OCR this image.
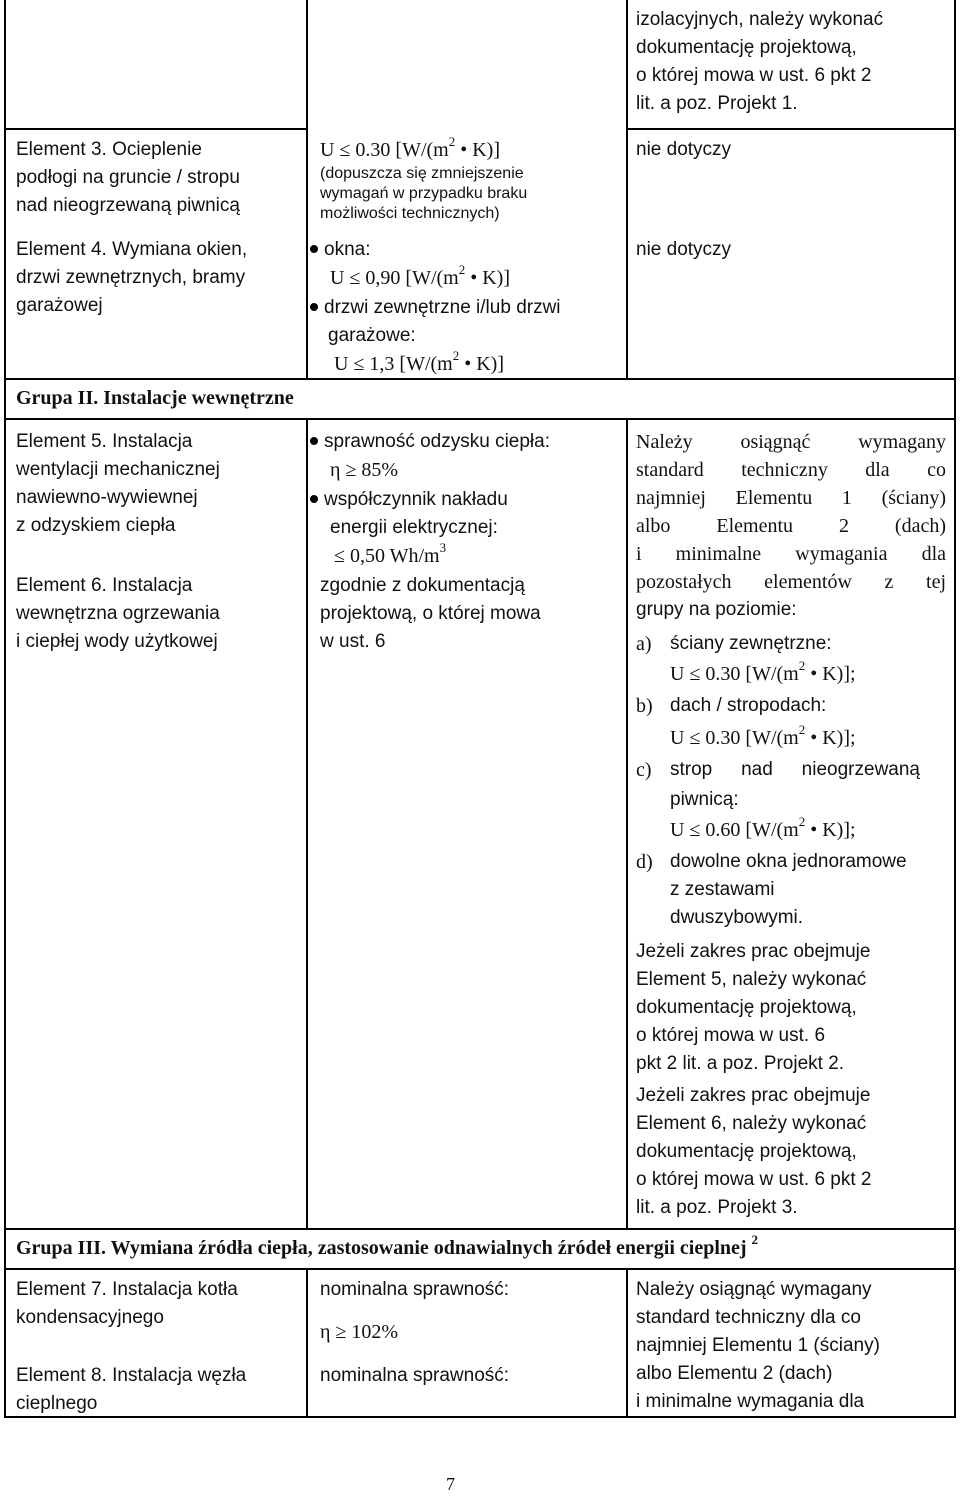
izolacyjnych, należy wykonać
dokumentację projektową,
o której mowa w ust. 6 pkt 2
lit. a poz. Projekt 1.
Element 3. Ocieplenie
podłogi na gruncie / stropu
nad nieogrzewaną piwnicą
U ≤ 0.30 [$W/(m^2$ • K)]
(dopuszcza się zmniejszenie
wymagań w przypadku braku
możliwości technicznych)
nie dotyczy
Element 4. Wymiana okien,
drzwi zewnętrznych, bramy
garażowej
okna:
U ≤ 0,90 [$W/(m^2$ • K)]
drzwi zewnętrzne i/lub drzwi
garażowe:
U ≤ 1,3 [$W/(m^2$ • K)]
nie dotyczy
Grupa II. Instalacje wewnętrzne
Element 5. Instalacja
wentylacji mechanicznej
nawiewno-wywiewnej
z odzyskiem ciepła
sprawność odzysku ciepła:
η ≥ 85%
współczynnik nakładu
energii elektrycznej:
≤ 0,50 $Wh/m^3$
zgodnie z dokumentacją
projektową, o której mowa
w ust. 6
Element 6. Instalacja
wewnętrzna ogrzewania
i ciepłej wody użytkowej
Należy osiągnąć wymagany
standard techniczny dla co
najmniej Elementu 1 (ściany)
albo Elementu 2 (dach)
i minimalne wymagania dla
pozostałych elementów z tej
grupy na poziomie:
a) ściany zewnętrzne:
U ≤ 0.30 [$W/(m^2$ • K)];
b) dach / stropodach:
U ≤ 0.30 [$W/(m^2$ • K)];
c) strop nad nieogrzewaną
piwnicą:
U ≤ 0.60 [$W/(m^2$ • K)];
d) dowolne okna jednoramowe
z zestawami
dwuszybowymi.
Jeżeli zakres prac obejmuje
Element 5, należy wykonać
dokumentację projektową,
o której mowa w ust. 6
pkt 2 lit. a poz. Projekt 2.
Jeżeli zakres prac obejmuje
Element 6, należy wykonać
dokumentację projektową,
o której mowa w ust. 6 pkt 2
lit. a poz. Projekt 3.
Grupa III. Wymiana źródła ciepła, zastosowanie odnawialnych źródeł energii cieplnej $^2$
Element 7. Instalacja kotła
kondensacyjnego
nominalna sprawność:
η ≥ 102%
Element 8. Instalacja węzła
cieplnego
nominalna sprawność:
Należy osiągnąć wymagany
standard techniczny dla co
najmniej Elementu 1 (ściany)
albo Elementu 2 (dach)
i minimalne wymagania dla
7
